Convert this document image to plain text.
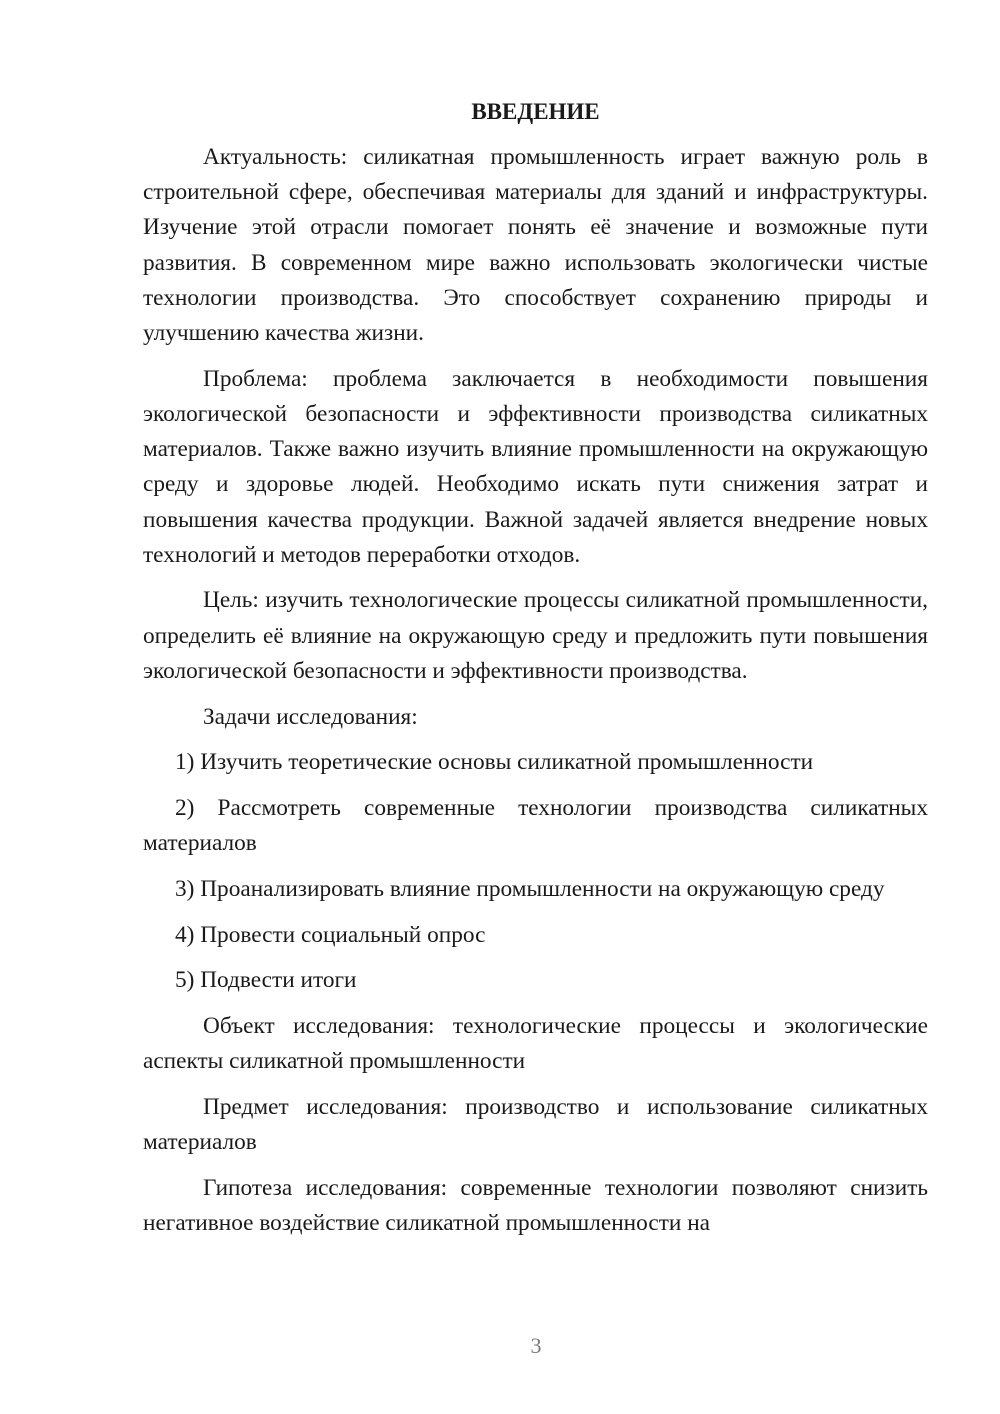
ВВЕДЕНИЕ

Актуальность: силикатная промышленность играет важную роль в строительной сфере, обеспечивая материалы для зданий и инфраструктуры. Изучение этой отрасли помогает понять её значение и возможные пути развития. В современном мире важно использовать экологически чистые технологии производства. Это способствует сохранению природы и улучшению качества жизни.

Проблема: проблема заключается в необходимости повышения экологической безопасности и эффективности производства силикатных материалов. Также важно изучить влияние промышленности на окружающую среду и здоровье людей. Необходимо искать пути снижения затрат и повышения качества продукции. Важной задачей является внедрение новых технологий и методов переработки отходов.

Цель: изучить технологические процессы силикатной промышленности, определить её влияние на окружающую среду и предложить пути повышения экологической безопасности и эффективности производства.

Задачи исследования:

1) Изучить теоретические основы силикатной промышленности

2) Рассмотреть современные технологии производства силикатных материалов

3) Проанализировать влияние промышленности на окружающую среду

4) Провести социальный опрос

5) Подвести итоги

Объект исследования: технологические процессы и экологические аспекты силикатной промышленности

Предмет исследования: производство и использование силикатных материалов

Гипотеза исследования: современные технологии позволяют снизить негативное воздействие силикатной промышленности на

3
